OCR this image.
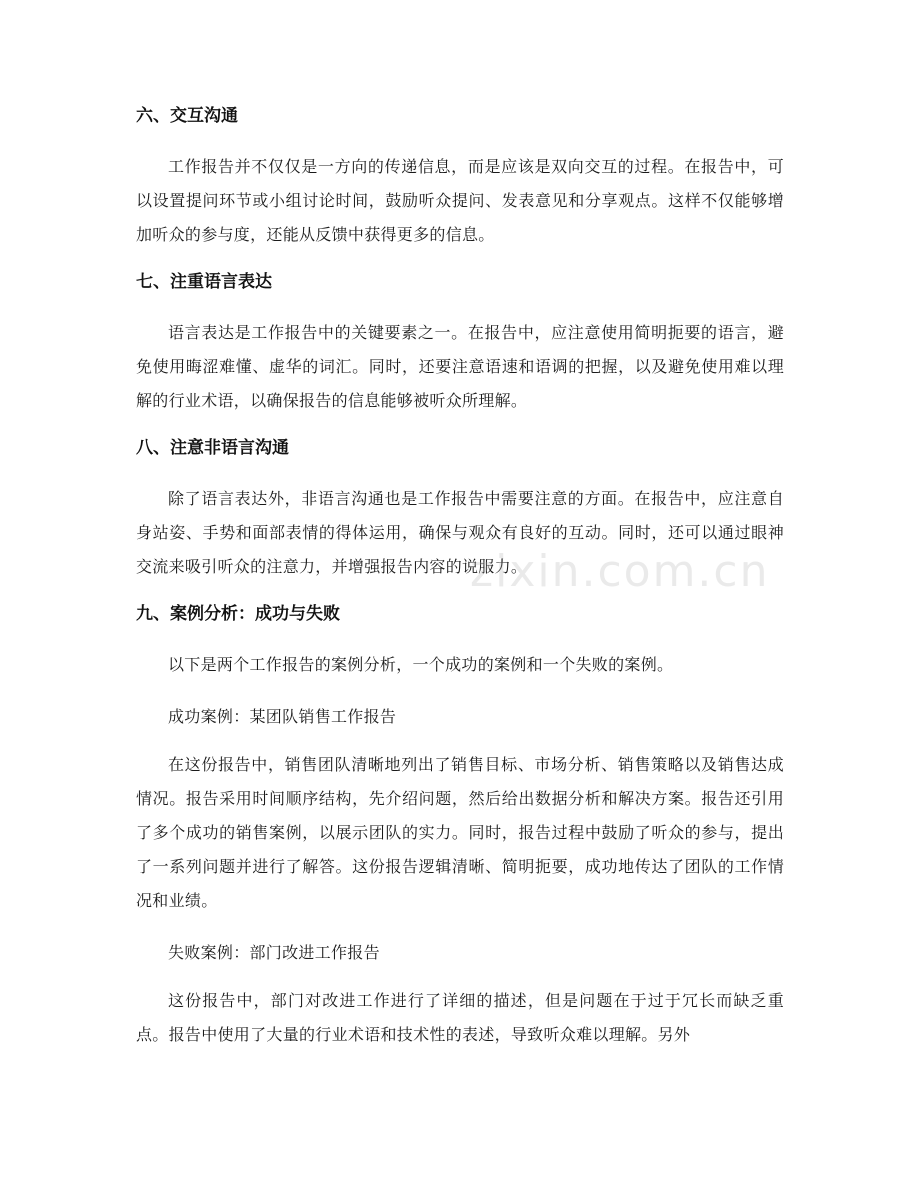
六、交互沟通

工作报告并不仅仅是一方向的传递信息，而是应该是双向交互的过程。在报告中，可以设置提问环节或小组讨论时间，鼓励听众提问、发表意见和分享观点。这样不仅能够增加听众的参与度，还能从反馈中获得更多的信息。

七、注重语言表达

语言表达是工作报告中的关键要素之一。在报告中，应注意使用简明扼要的语言，避免使用晦涩难懂、虚华的词汇。同时，还要注意语速和语调的把握，以及避免使用难以理解的行业术语，以确保报告的信息能够被听众所理解。

八、注意非语言沟通

除了语言表达外，非语言沟通也是工作报告中需要注意的方面。在报告中，应注意自身站姿、手势和面部表情的得体运用，确保与观众有良好的互动。同时，还可以通过眼神交流来吸引听众的注意力，并增强报告内容的说服力。

九、案例分析：成功与失败

以下是两个工作报告的案例分析，一个成功的案例和一个失败的案例。

成功案例：某团队销售工作报告

在这份报告中，销售团队清晰地列出了销售目标、市场分析、销售策略以及销售达成情况。报告采用时间顺序结构，先介绍问题，然后给出数据分析和解决方案。报告还引用了多个成功的销售案例，以展示团队的实力。同时，报告过程中鼓励了听众的参与，提出了一系列问题并进行了解答。这份报告逻辑清晰、简明扼要，成功地传达了团队的工作情况和业绩。

失败案例：部门改进工作报告

这份报告中，部门对改进工作进行了详细的描述，但是问题在于过于冗长而缺乏重点。报告中使用了大量的行业术语和技术性的表述，导致听众难以理解。另外

zixin.com.cn
